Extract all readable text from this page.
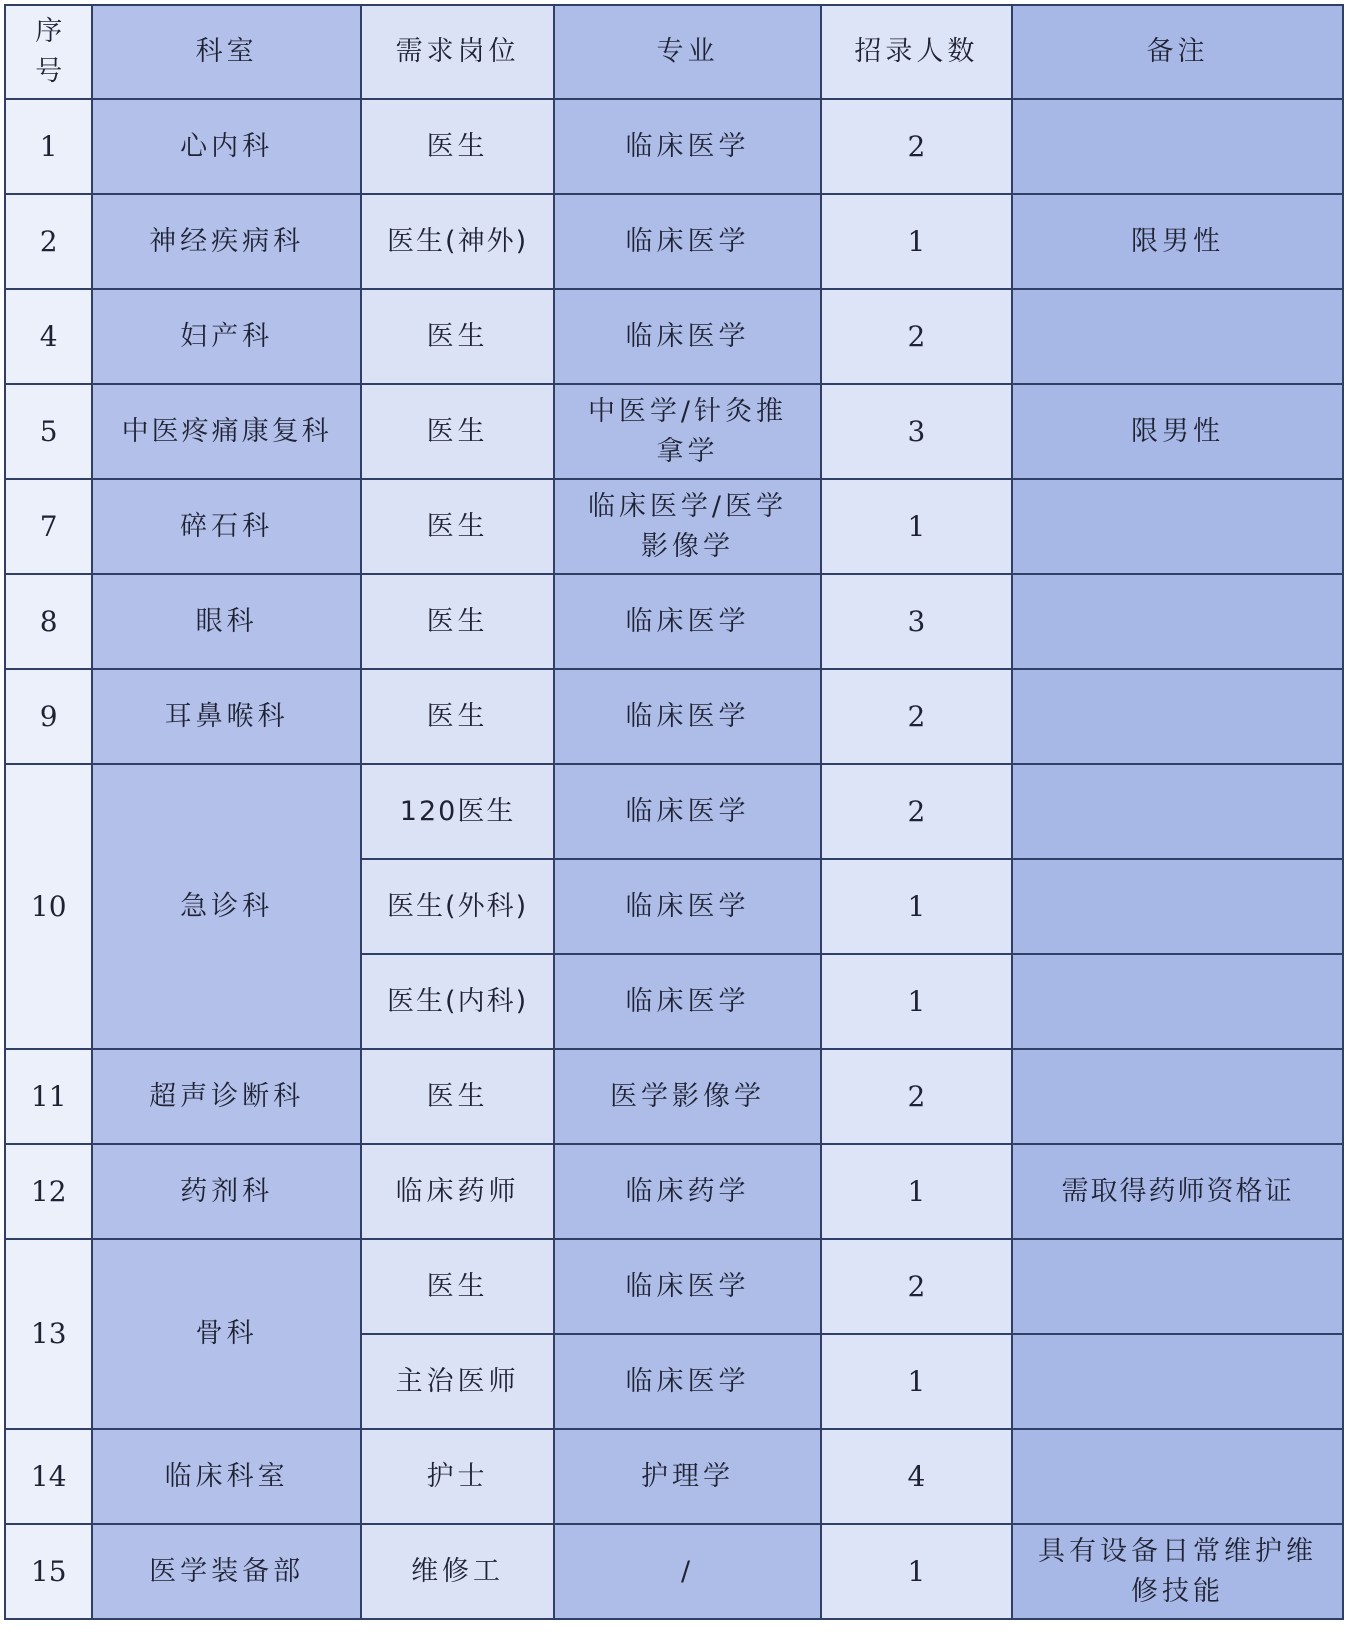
序号	科室	需求岗位	专业	招录人数	备注
1	心内科	医生	临床医学	2	
2	神经疾病科	医生(神外)	临床医学	1	限男性
4	妇产科	医生	临床医学	2	
5	中医疼痛康复科	医生	中医学/针灸推拿学	3	限男性
7	碎石科	医生	临床医学/医学影像学	1	
8	眼科	医生	临床医学	3	
9	耳鼻喉科	医生	临床医学	2	
10	急诊科	120医生	临床医学	2	
		医生(外科)	临床医学	1	
		医生(内科)	临床医学	1	
11	超声诊断科	医生	医学影像学	2	
12	药剂科	临床药师	临床药学	1	需取得药师资格证
13	骨科	医生	临床医学	2	
		主治医师	临床医学	1	
14	临床科室	护士	护理学	4	
15	医学装备部	维修工	/	1	具有设备日常维护维修技能
